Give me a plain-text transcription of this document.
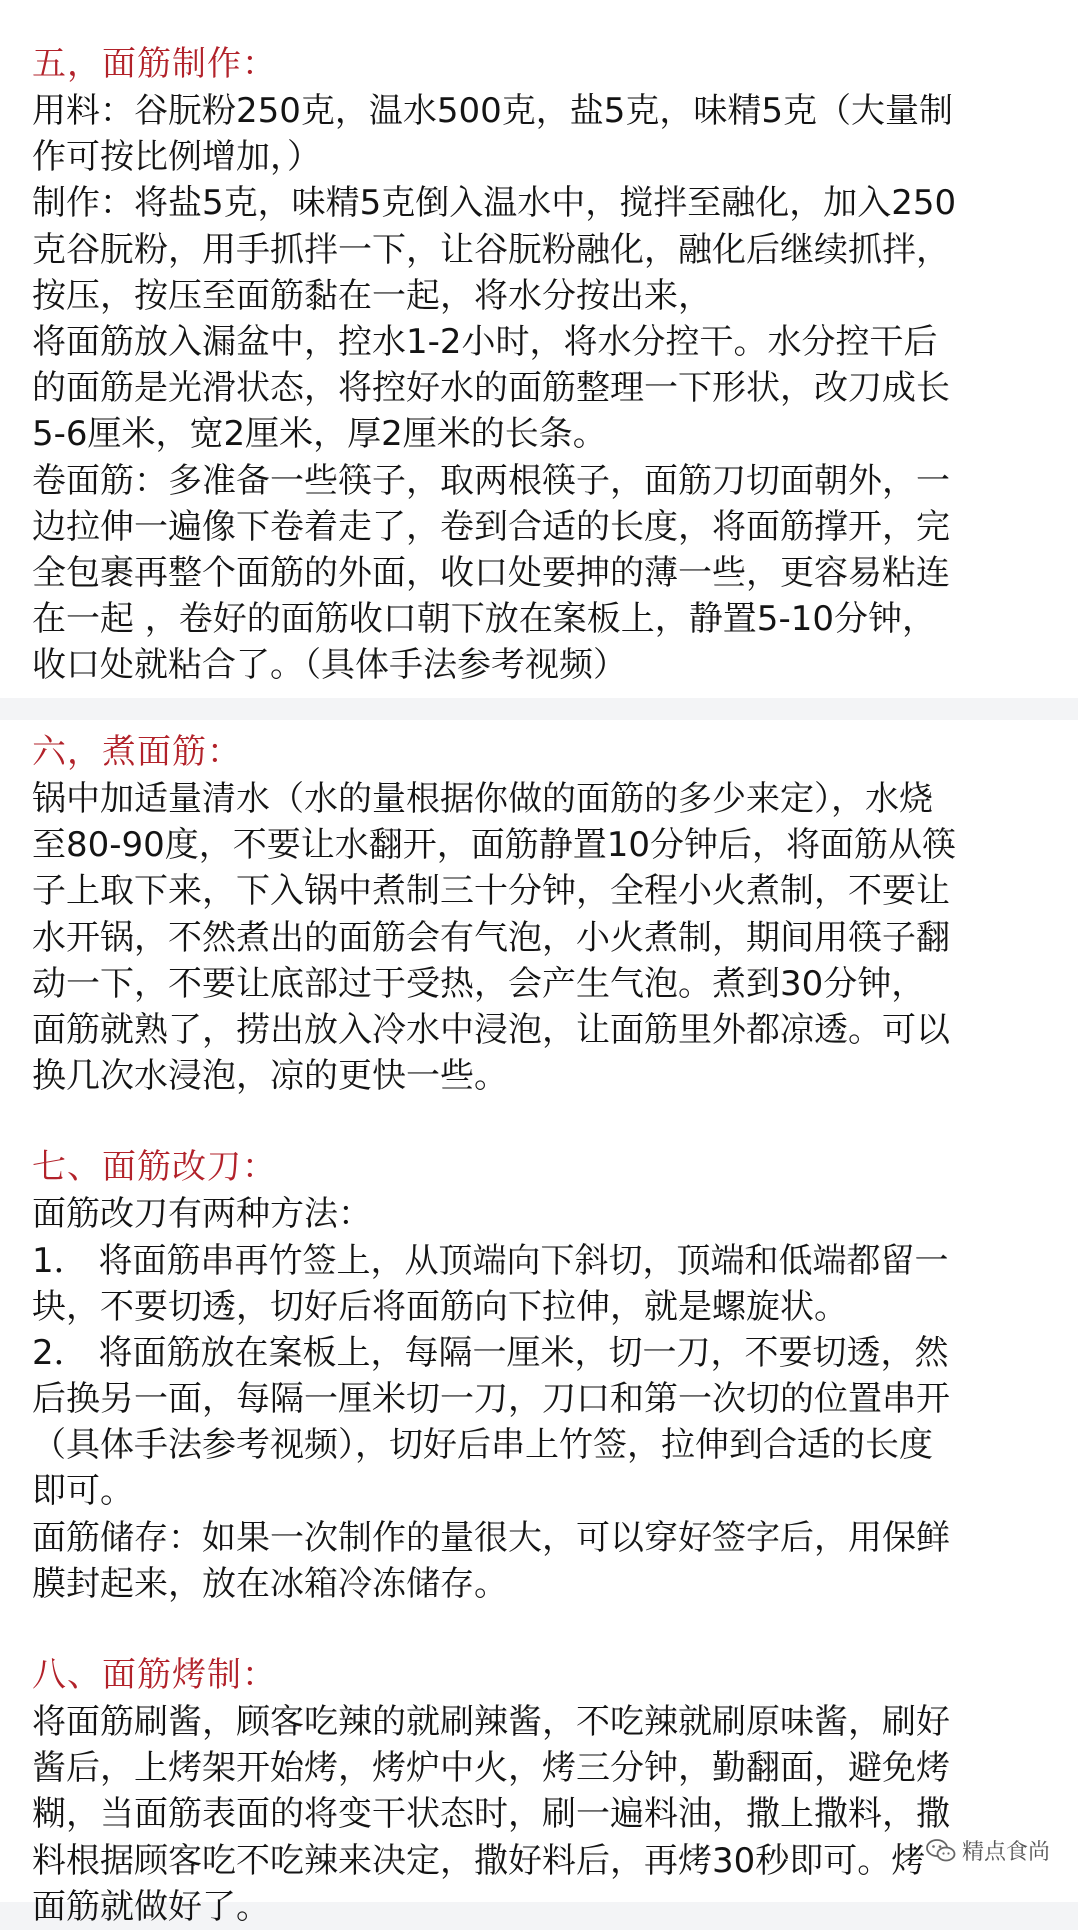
五，面筋制作：
用料：谷朊粉250克，温水500克，盐5克，味精5克（大量制
作可按比例增加，）
制作：将盐5克，味精5克倒入温水中，搅拌至融化，加入250
克谷朊粉，用手抓拌一下，让谷朊粉融化，融化后继续抓拌，
按压，按压至面筋黏在一起，将水分按出来，
将面筋放入漏盆中，控水1-2小时，将水分控干。水分控干后
的面筋是光滑状态，将控好水的面筋整理一下形状，改刀成长
5-6厘米，宽2厘米，厚2厘米的长条。
卷面筋：多准备一些筷子，取两根筷子，面筋刀切面朝外，一
边拉伸一遍像下卷着走了，卷到合适的长度，将面筋撑开，完
全包裹再整个面筋的外面，收口处要抻的薄一些，更容易粘连
在一起 ，卷好的面筋收口朝下放在案板上，静置5-10分钟，
收口处就粘合了。（具体手法参考视频）
六，煮面筋：
锅中加适量清水（水的量根据你做的面筋的多少来定），水烧
至80-90度，不要让水翻开，面筋静置10分钟后，将面筋从筷
子上取下来，下入锅中煮制三十分钟，全程小火煮制，不要让
水开锅，不然煮出的面筋会有气泡，小火煮制，期间用筷子翻
动一下，不要让底部过于受热，会产生气泡。煮到30分钟，
面筋就熟了，捞出放入冷水中浸泡，让面筋里外都凉透。可以
换几次水浸泡，凉的更快一些。
七、面筋改刀：
面筋改刀有两种方法：
1． 将面筋串再竹签上，从顶端向下斜切，顶端和低端都留一
块，不要切透，切好后将面筋向下拉伸，就是螺旋状。
2． 将面筋放在案板上，每隔一厘米，切一刀，不要切透，然
后换另一面，每隔一厘米切一刀，刀口和第一次切的位置串开
（具体手法参考视频），切好后串上竹签，拉伸到合适的长度
即可。
面筋储存：如果一次制作的量很大，可以穿好签字后，用保鲜
膜封起来，放在冰箱冷冻储存。
八、面筋烤制：
将面筋刷酱，顾客吃辣的就刷辣酱，不吃辣就刷原味酱，刷好
酱后，上烤架开始烤，烤炉中火，烤三分钟，勤翻面，避免烤
糊，当面筋表面的将变干状态时，刷一遍料油，撒上撒料，撒
料根据顾客吃不吃辣来决定，撒好料后，再烤30秒即可。烤
面筋就做好了。
精点食尚
